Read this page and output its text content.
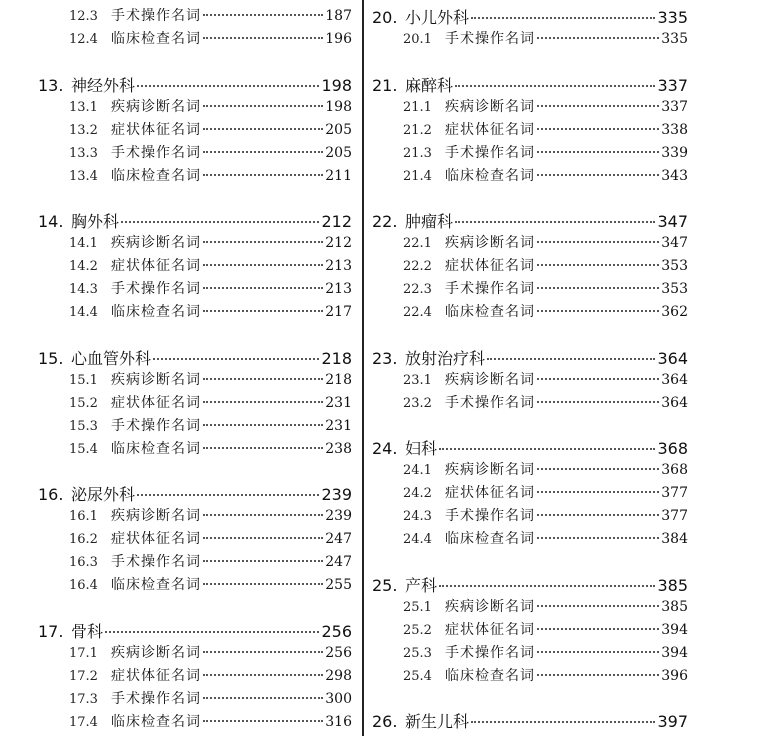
12.3 手术操作名词	187
12.4 临床检查名词	196
13. 神经外科	198
13.1 疾病诊断名词	198
13.2 症状体征名词	205
13.3 手术操作名词	205
13.4 临床检查名词	211
14. 胸外科	212
14.1 疾病诊断名词	212
14.2 症状体征名词	213
14.3 手术操作名词	213
14.4 临床检查名词	217
15. 心血管外科	218
15.1 疾病诊断名词	218
15.2 症状体征名词	231
15.3 手术操作名词	231
15.4 临床检查名词	238
16. 泌尿外科	239
16.1 疾病诊断名词	239
16.2 症状体征名词	247
16.3 手术操作名词	247
16.4 临床检查名词	255
17. 骨科	256
17.1 疾病诊断名词	256
17.2 症状体征名词	298
17.3 手术操作名词	300
17.4 临床检查名词	316
20. 小儿外科	335
20.1 手术操作名词	335
21. 麻醉科	337
21.1 疾病诊断名词	337
21.2 症状体征名词	338
21.3 手术操作名词	339
21.4 临床检查名词	343
22. 肿瘤科	347
22.1 疾病诊断名词	347
22.2 症状体征名词	353
22.3 手术操作名词	353
22.4 临床检查名词	362
23. 放射治疗科	364
23.1 疾病诊断名词	364
23.2 手术操作名词	364
24. 妇科	368
24.1 疾病诊断名词	368
24.2 症状体征名词	377
24.3 手术操作名词	377
24.4 临床检查名词	384
25. 产科	385
25.1 疾病诊断名词	385
25.2 症状体征名词	394
25.3 手术操作名词	394
25.4 临床检查名词	396
26. 新生儿科	397
